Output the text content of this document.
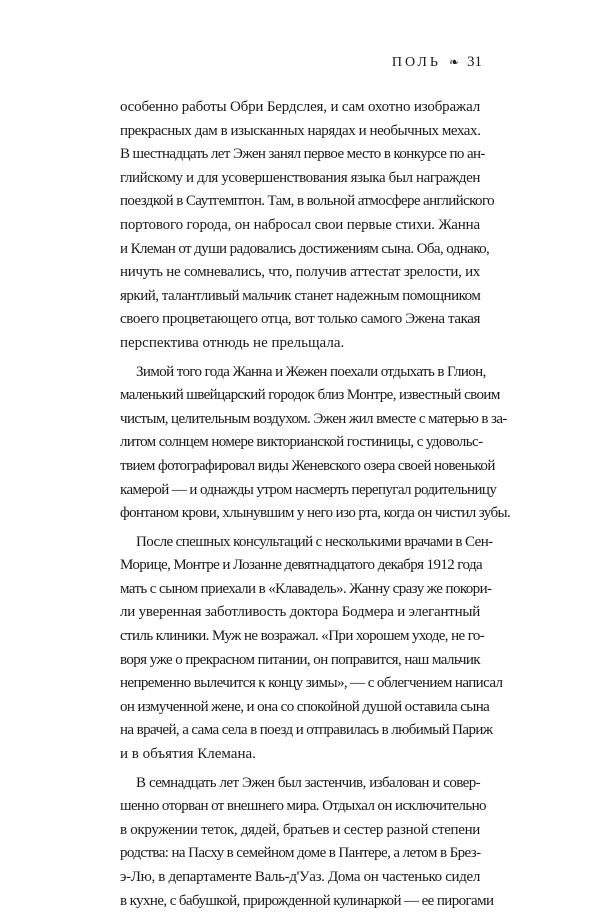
ПОЛЬ ❧ 31

особенно работы Обри Бердслея, и сам охотно изображал
прекрасных дам в изысканных нарядах и необычных мехах.
В шестнадцать лет Эжен занял первое место в конкурсе по ан-
глийскому и для усовершенствования языка был награжден
поездкой в Саутгемптон. Там, в вольной атмосфере английского
портового города, он набросал свои первые стихи. Жанна
и Клеман от души радовались достижениям сына. Оба, однако,
ничуть не сомневались, что, получив аттестат зрелости, их
яркий, талантливый мальчик станет надежным помощником
своего процветающего отца, вот только самого Эжена такая
перспектива отнюдь не прельщала.

Зимой того года Жанна и Жежен поехали отдыхать в Глион,
маленький швейцарский городок близ Монтре, известный своим
чистым, целительным воздухом. Эжен жил вместе с матерью в за-
литом солнцем номере викторианской гостиницы, с удовольс-
твием фотографировал виды Женевского озера своей новенькой
камерой — и однажды утром насмерть перепугал родительницу
фонтаном крови, хлынувшим у него изо рта, когда он чистил зубы.

После спешных консультаций с несколькими врачами в Сен-
Морице, Монтре и Лозанне девятнадцатого декабря 1912 года
мать с сыном приехали в «Клавадель». Жанну сразу же покори-
ли уверенная заботливость доктора Бодмера и элегантный
стиль клиники. Муж не возражал. «При хорошем уходе, не го-
воря уже о прекрасном питании, он поправится, наш мальчик
непременно вылечится к концу зимы», — с облегчением написал
он измученной жене, и она со спокойной душой оставила сына
на врачей, а сама села в поезд и отправилась в любимый Париж
и в объятия Клемана.

В семнадцать лет Эжен был застенчив, избалован и совер-
шенно оторван от внешнего мира. Отдыхал он исключительно
в окружении теток, дядей, братьев и сестер разной степени
родства: на Пасху в семейном доме в Пантере, а летом в Брез-
э-Лю, в департаменте Валь-д'Уаз. Дома он частенько сидел
в кухне, с бабушкой, прирожденной кулинаркой — ее пирогами
